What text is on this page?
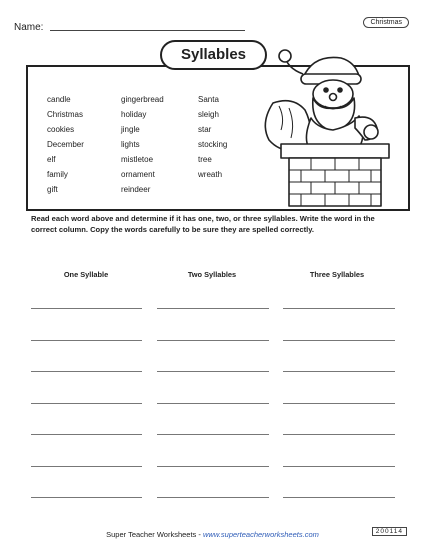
Name:	Christmas
Syllables
candle
Christmas
cookies
December
elf
family
gift
gingerbread
holiday
jingle
lights
mistletoe
ornament
reindeer
Santa
sleigh
star
stocking
tree
wreath
Read each word above and determine if it has one, two, or three syllables. Write the word in the correct column. Copy the words carefully to be sure they are spelled correctly.
One Syllable	Two Syllables	Three Syllables
Super Teacher Worksheets - www.superteacherworksheets.com	200114
